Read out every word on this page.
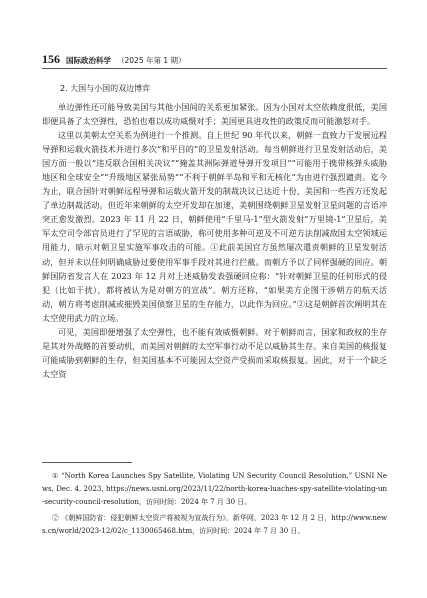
156 国际政治科学 （2025 年第 1 期）
2. 大国与小国的双边博弈

单边弹性还可能导致美国与其他小国间的关系更加紧张。因为小国对太空依赖度很低，美国即便具备了太空弹性，恐怕也难以成功威慑对手；美国更具进攻性的政策反而可能激怒对手。

这里以美朝太空关系为例进行一个推测。自上世纪 90 年代以来，朝鲜一直致力于发展远程导弹和运载火箭技术并进行多次“和平目的”的卫星发射活动。每当朝鲜进行卫星发射活动后，美国方面一般以“违反联合国相关决议”“掩盖其洲际弹道导弹开发项目”“可能用于携带核弹头威胁地区和全球安全”“升级地区紧张局势”“不利于朝鲜半岛和平和无核化”为由进行强烈谴责。迄今为止，联合国针对朝鲜远程导弹和运载火箭开发的制裁决议已达近十份，美国和一些西方还发起了单边制裁活动。但近年来朝鲜的太空开发却在加速，美朝围绕朝鲜卫星发射卫星问题的言语冲突正愈发激烈。2023 年 11 月 22 日，朝鲜使用“千里马-1”型火箭发射“万里镜-1”卫星后，美军太空司令部官员进行了罕见的言语威胁，称可使用多种可逆及不可逆方法削减敌国太空领域运用能力，暗示对朝卫星实施军事攻击的可能。①此前美国官方虽然屡次遣责朝鲜的卫星发射活动，但并未以任何明确威胁过要使用军事手段对其进行拦截。而朝方予以了同样强硬的回应。朝鲜国防省发言人在 2023 年 12 月对上述威胁发表强硬回应称：“针对朝鲜卫星的任何形式的侵犯（比如干扰），都将被认为是对朝方的宣战”。朝方还称，“如果美方企图干涉朝方的航天活动，朝方将考虑削减或摧毁美国侦察卫星的生存能力，以此作为回应。”②这是朝鲜首次阐明其在太空使用武力的立场。

可见，美国即便增强了太空弹性，也不能有效威慑朝鲜。对于朝鲜而言，国家和政权的生存是其对外战略的首要动机，而美国对朝鲜的太空军事行动不足以威胁其生存。来自美国的核报复可能威胁到朝鲜的生存，但美国基本不可能因太空资产受损而采取核报复。因此，对于一个缺乏太空资

① “North Korea Launches Spy Satellite, Violating UN Security Council Resolution,” USNI News, Dec. 4, 2023, https://news.usni.org/2023/11/22/north-korea-luaches-spy-satellite-violating-un-security-council-resolution，访问时间：2024 年 7 月 30 日。

② 《朝鲜国防省：侵犯朝鲜太空资产将被视为宣战行为》，新华网，2023 年 12 月 2 日，http://www.news.cn/world/2023-12/02/c_1130065468.htm，访问时间：2024 年 7 月 30 日。
